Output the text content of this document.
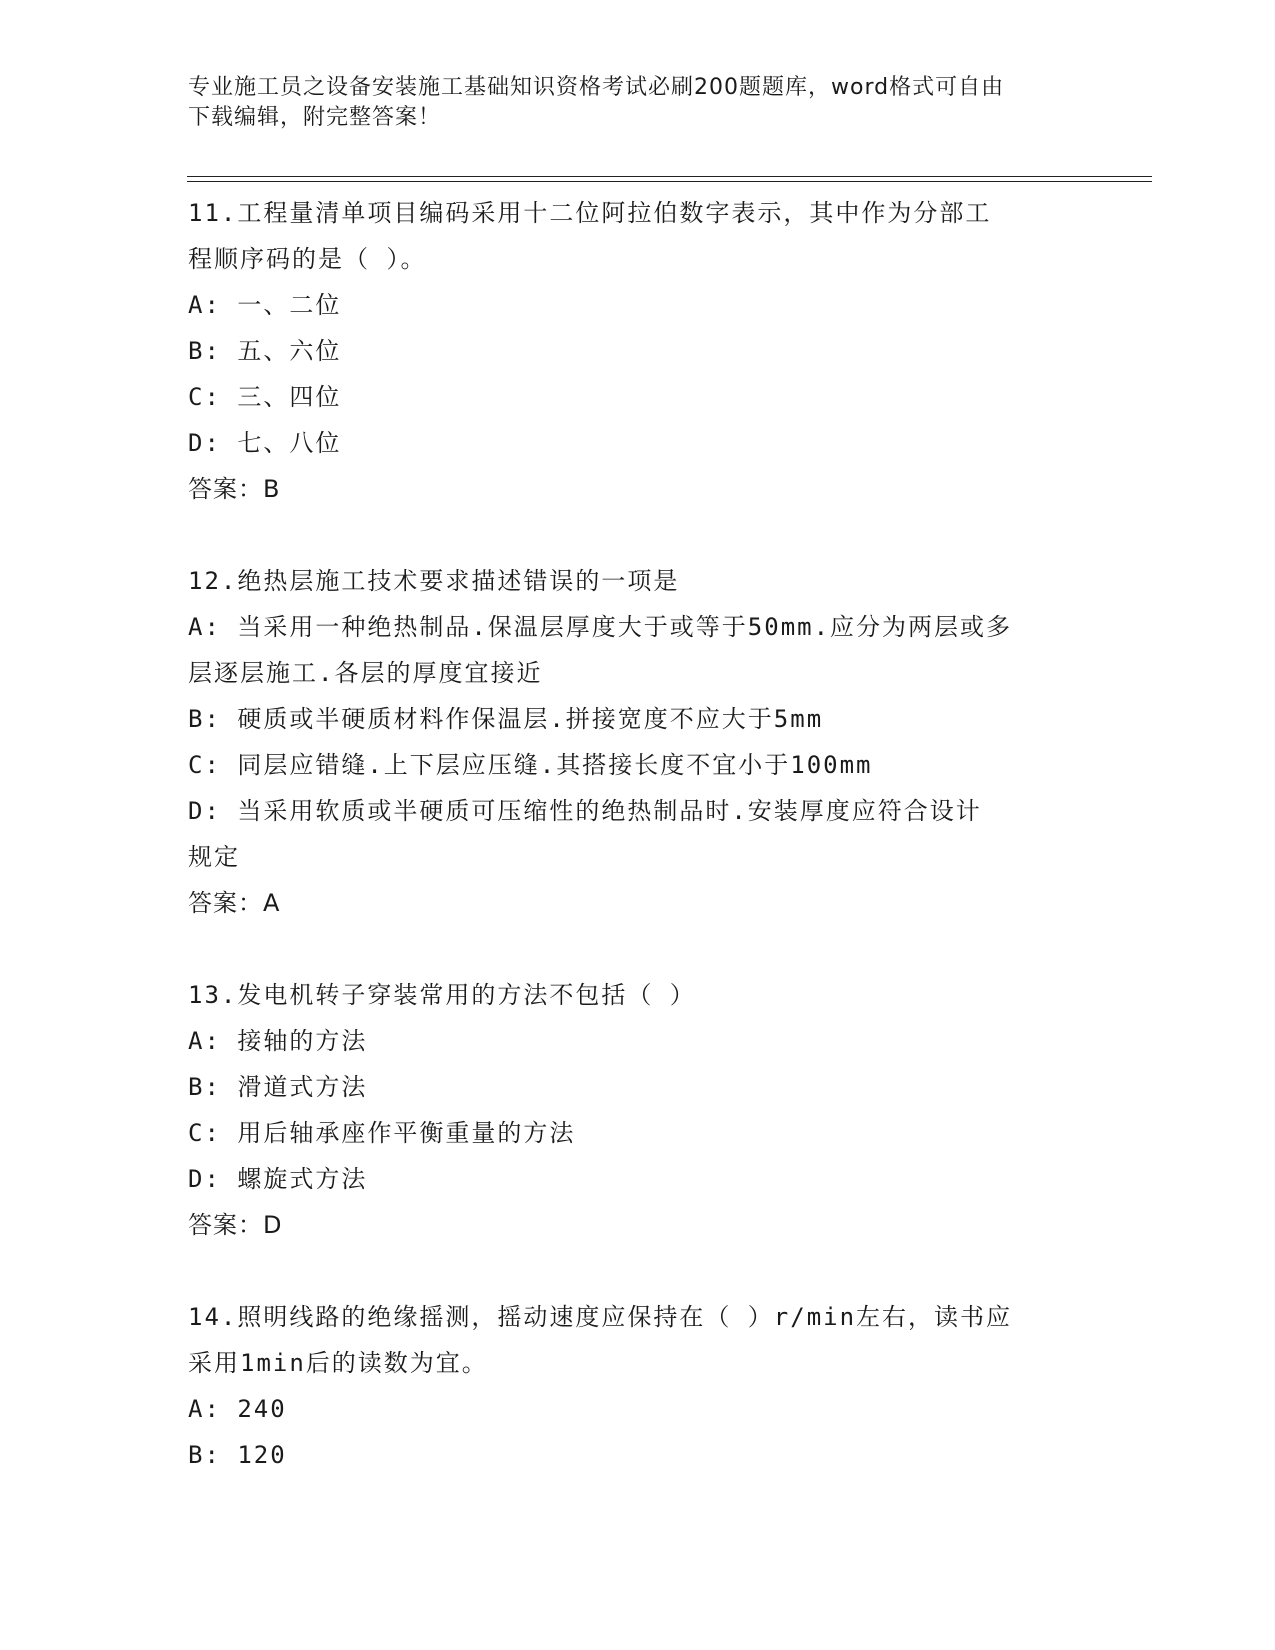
专业施工员之设备安装施工基础知识资格考试必刷200题题库，word格式可自由
下载编辑，附完整答案！
11.工程量清单项目编码采用十二位阿拉伯数字表示，其中作为分部工
程顺序码的是（ ）。
A: 一、二位
B: 五、六位
C: 三、四位
D: 七、八位
答案：B
12.绝热层施工技术要求描述错误的一项是
A: 当采用一种绝热制品.保温层厚度大于或等于50mm.应分为两层或多
层逐层施工.各层的厚度宜接近
B: 硬质或半硬质材料作保温层.拼接宽度不应大于5mm
C: 同层应错缝.上下层应压缝.其搭接长度不宜小于100mm
D: 当采用软质或半硬质可压缩性的绝热制品时.安装厚度应符合设计
规定
答案：A
13.发电机转子穿装常用的方法不包括（ ）
A: 接轴的方法
B: 滑道式方法
C: 用后轴承座作平衡重量的方法
D: 螺旋式方法
答案：D
14.照明线路的绝缘摇测，摇动速度应保持在（ ）r/min左右，读书应
采用1min后的读数为宜。
A: 240
B: 120
